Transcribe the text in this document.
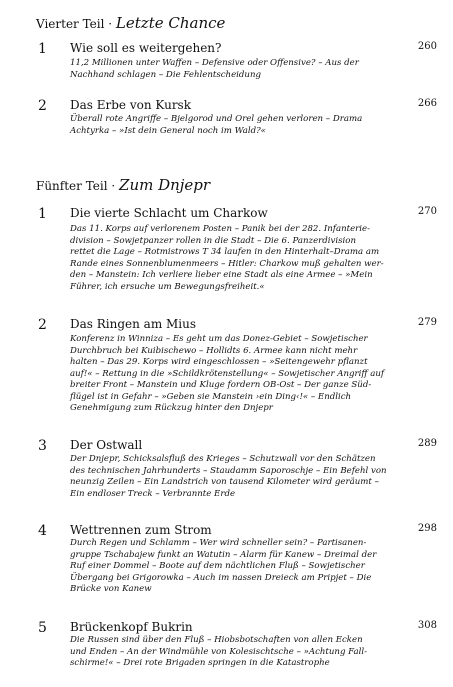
Vierter Teil · Letzte Chance
Fünfter Teil · Zum Dnjepr
1 Wie soll es weitergehen?	260
11,2 Millionen unter Waffen – Defensive oder Offensive? – Aus der
Nachhand schlagen – Die Fehlentscheidung
2 Das Erbe von Kursk	266
Überall rote Angriffe – Bjelgorod und Orel gehen verloren – Drama
Achtyrka – »Ist dein General noch im Wald?«
1 Die vierte Schlacht um Charkow	270
Das 11. Korps auf verlorenem Posten – Panik bei der 282. Infanterie-
division – Sowjetpanzer rollen in die Stadt – Die 6. Panzerdivision
rettet die Lage – Rotmistrows T 34 laufen in den Hinterhalt–Drama am
Rande eines Sonnenblumenmeers – Hitler: Charkow muß gehalten wer-
den – Manstein: Ich verliere lieber eine Stadt als eine Armee – »Mein
Führer, ich ersuche um Bewegungsfreiheit.«
2 Das Ringen am Mius	279
Konferenz in Winniza – Es geht um das Donez-Gebiet – Sowjetischer
Durchbruch bei Kuibischewo – Hollidts 6. Armee kann nicht mehr
halten – Das 29. Korps wird eingeschlossen – »Seitengewehr pflanzt
auf!« – Rettung in die »Schildkrötenstellung« – Sowjetischer Angriff auf
breiter Front – Manstein und Kluge fordern OB-Ost – Der ganze Süd-
flügel ist in Gefahr – »Geben sie Manstein ›ein Ding‹!« – Endlich
Genehmigung zum Rückzug hinter den Dnjepr
3 Der Ostwall	289
Der Dnjepr, Schicksalsfluß des Krieges – Schutzwall vor den Schätzen
des technischen Jahrhunderts – Staudamm Saporoschje – Ein Befehl von
neunzig Zeilen – Ein Landstrich von tausend Kilometer wird geräumt –
Ein endloser Treck – Verbrannte Erde
4 Wettrennen zum Strom	298
Durch Regen und Schlamm – Wer wird schneller sein? – Partisanen-
gruppe Tschabajew funkt an Watutin – Alarm für Kanew – Dreimal der
Ruf einer Dommel – Boote auf dem nächtlichen Fluß – Sowjetischer
Übergang bei Grigorowka – Auch im nassen Dreieck am Pripjet – Die
Brücke von Kanew
5 Brückenkopf Bukrin	308
Die Russen sind über den Fluß – Hiobsbotschaften von allen Ecken
und Enden – An der Windmühle von Kolesischtsche – »Achtung Fall-
schirme!« – Drei rote Brigaden springen in die Katastrophe
